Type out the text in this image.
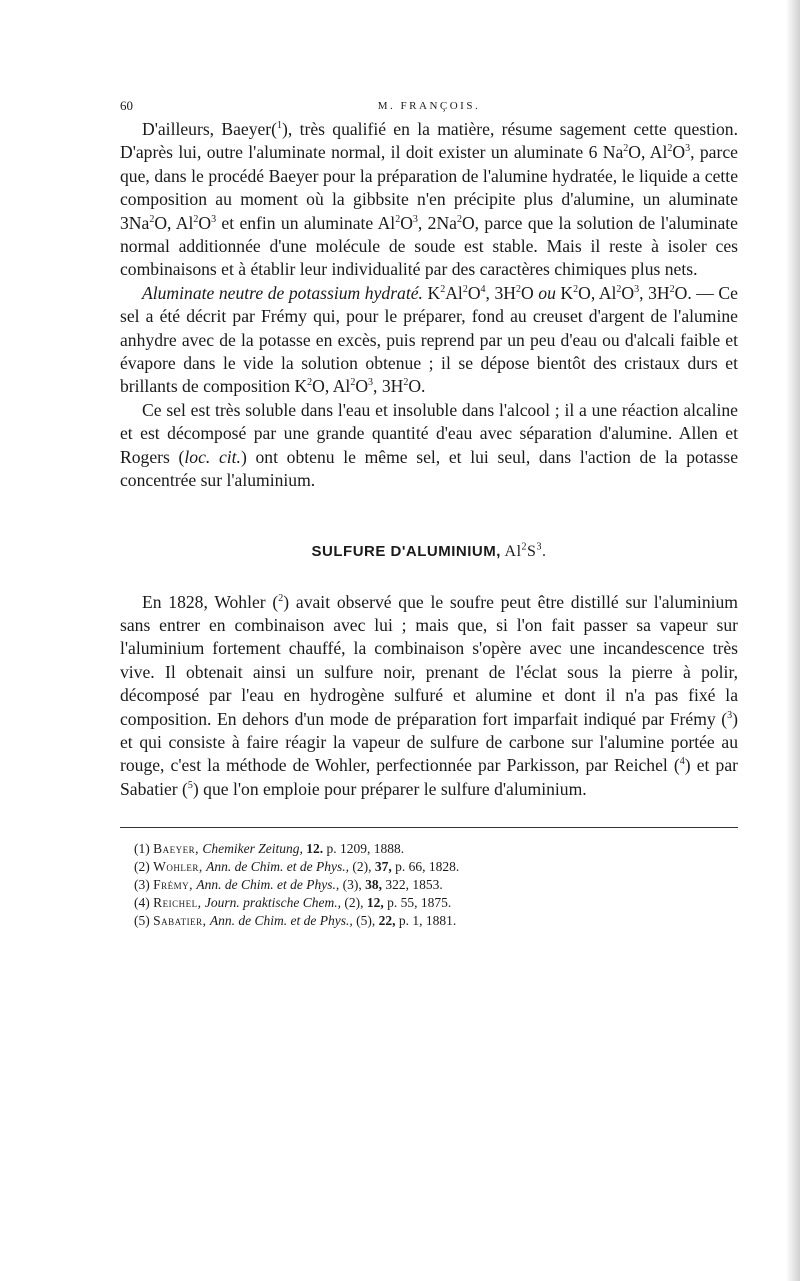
60	M. FRANÇOIS.

D'ailleurs, Baeyer($^1$), très qualifié en la matière, résume sagement cette question. D'après lui, outre l'aluminate normal, il doit exister un aluminate 6 Na$^2$O, $Al^2O^3$, parce que, dans le procédé Baeyer pour la préparation de l'alumine hydratée, le liquide a cette composition au moment où la gibbsite n'en précipite plus d'alumine, un aluminate 3Na$^2$O, $Al^2O^3$ et enfin un aluminate $Al^2O^3$, 2Na$^2$O, parce que la solution de l'aluminate normal additionnée d'une molécule de soude est stable. Mais il reste à isoler ces combinaisons et à établir leur individualité par des caractères chimiques plus nets.

Aluminate neutre de potassium hydraté. $K^2Al^2O^4$, $3H^2O$ ou $K^2O$, $Al^2O^3$, $3H^2O$. — Ce sel a été décrit par Frémy qui, pour le préparer, fond au creuset d'argent de l'alumine anhydre avec de la potasse en excès, puis reprend par un peu d'eau ou d'alcali faible et évapore dans le vide la solution obtenue ; il se dépose bientôt des cristaux durs et brillants de composition $K^2O$, $Al^2O^3$, $3H^2O$.

Ce sel est très soluble dans l'eau et insoluble dans l'alcool ; il a une réaction alcaline et est décomposé par une grande quantité d'eau avec séparation d'alumine. Allen et Rogers (loc. cit.) ont obtenu le même sel, et lui seul, dans l'action de la potasse concentrée sur l'aluminium.

SULFURE D'ALUMINIUM, $Al^2S^3$.

En 1828, Wohler ($^2$) avait observé que le soufre peut être distillé sur l'aluminium sans entrer en combinaison avec lui ; mais que, si l'on fait passer sa vapeur sur l'aluminium fortement chauffé, la combinaison s'opère avec une incandescence très vive. Il obtenait ainsi un sulfure noir, prenant de l'éclat sous la pierre à polir, décomposé par l'eau en hydrogène sulfuré et alumine et dont il n'a pas fixé la composition. En dehors d'un mode de préparation fort imparfait indiqué par Frémy ($^3$) et qui consiste à faire réagir la vapeur de sulfure de carbone sur l'alumine portée au rouge, c'est la méthode de Wohler, perfectionnée par Parkisson, par Reichel ($^4$) et par Sabatier ($^5$) que l'on emploie pour préparer le sulfure d'aluminium.

(1) Baeyer, Chemiker Zeitung, 12. p. 1209, 1888.
(2) Wohler, Ann. de Chim. et de Phys., (2), 37, p. 66, 1828.
(3) Frémy, Ann. de Chim. et de Phys., (3), 38, 322, 1853.
(4) Reichel, Journ. praktische Chem., (2), 12, p. 55, 1875.
(5) Sabatier, Ann. de Chim. et de Phys., (5), 22, p. 1, 1881.
